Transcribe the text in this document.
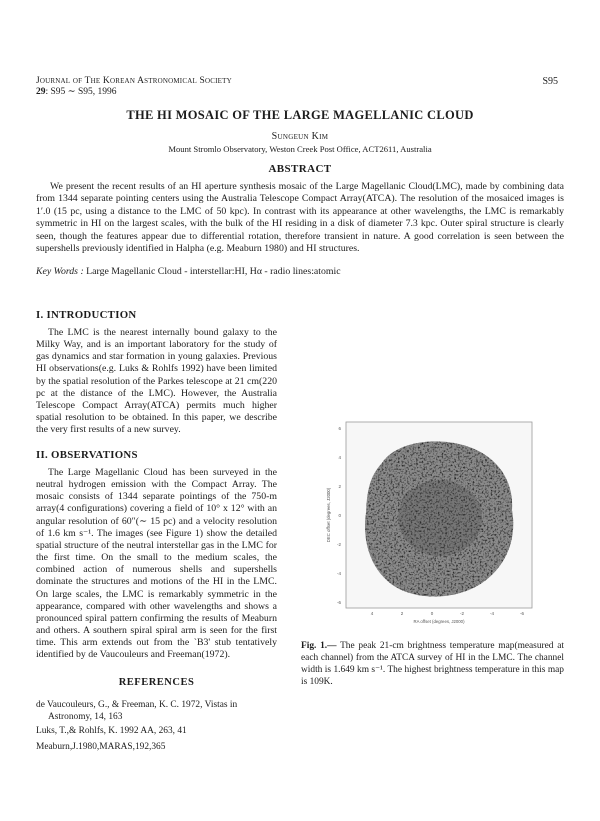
Journal of The Korean Astronomical Society
29: S95 ∼ S95, 1996
S95
THE HI MOSAIC OF THE LARGE MAGELLANIC CLOUD
Sungeun Kim
Mount Stromlo Observatory, Weston Creek Post Office, ACT2611, Australia
ABSTRACT
We present the recent results of an HI aperture synthesis mosaic of the Large Magellanic Cloud(LMC), made by combining data from 1344 separate pointing centers using the Australia Telescope Compact Array(ATCA). The resolution of the mosaiced images is 1′.0 (15 pc, using a distance to the LMC of 50 kpc). In contrast with its appearance at other wavelengths, the LMC is remarkably symmetric in HI on the largest scales, with the bulk of the HI residing in a disk of diameter 7.3 kpc. Outer spiral structure is clearly seen, though the features appear due to differential rotation, therefore transient in nature. A good correlation is seen between the supershells previously identified in Halpha (e.g. Meaburn 1980) and HI structures.
Key Words : Large Magellanic Cloud - interstellar:HI, Hα - radio lines:atomic
I. INTRODUCTION
The LMC is the nearest internally bound galaxy to the Milky Way, and is an important laboratory for the study of gas dynamics and star formation in young galaxies. Previous HI observations(e.g. Luks & Rohlfs 1992) have been limited by the spatial resolution of the Parkes telescope at 21 cm(220 pc at the distance of the LMC). However, the Australia Telescope Compact Array(ATCA) permits much higher spatial resolution to be obtained. In this paper, we describe the very first results of a new survey.
II. OBSERVATIONS
The Large Magellanic Cloud has been surveyed in the neutral hydrogen emission with the Compact Array. The mosaic consists of 1344 separate pointings of the 750-m array(4 configurations) covering a field of 10° x 12° with an angular resolution of 60″(∼ 15 pc) and a velocity resolution of 1.6 km s⁻¹. The images (see Figure 1) show the detailed spatial structure of the neutral interstellar gas in the LMC for the first time. On the small to the medium scales, the combined action of numerous shells and supershells dominate the structures and motions of the HI in the LMC. On large scales, the LMC is remarkably symmetric in the appearance, compared with other wavelengths and shows a pronounced spiral pattern confirming the results of Meaburn and others. A southern spiral spiral arm is seen for the first time. This arm extends out from the `B3' stub tentatively identified by de Vaucouleurs and Freeman(1972).
REFERENCES
de Vaucouleurs, G., & Freeman, K. C. 1972, Vistas in Astronomy, 14, 163
Luks, T.,& Rohlfs, K. 1992 AA, 263, 41
Meaburn,J.1980,MARAS,192,365
6
4
2
0
-2
-4
-6
4	2	0	-2	-4	-6
DEC offset (degrees, J2000)
RA offset (degrees, J2000)
Fig. 1.— The peak 21-cm brightness temperature map(measured at each channel) from the ATCA survey of HI in the LMC. The channel width is 1.649 km s⁻¹. The highest brightness temperature in this map is 109K.
